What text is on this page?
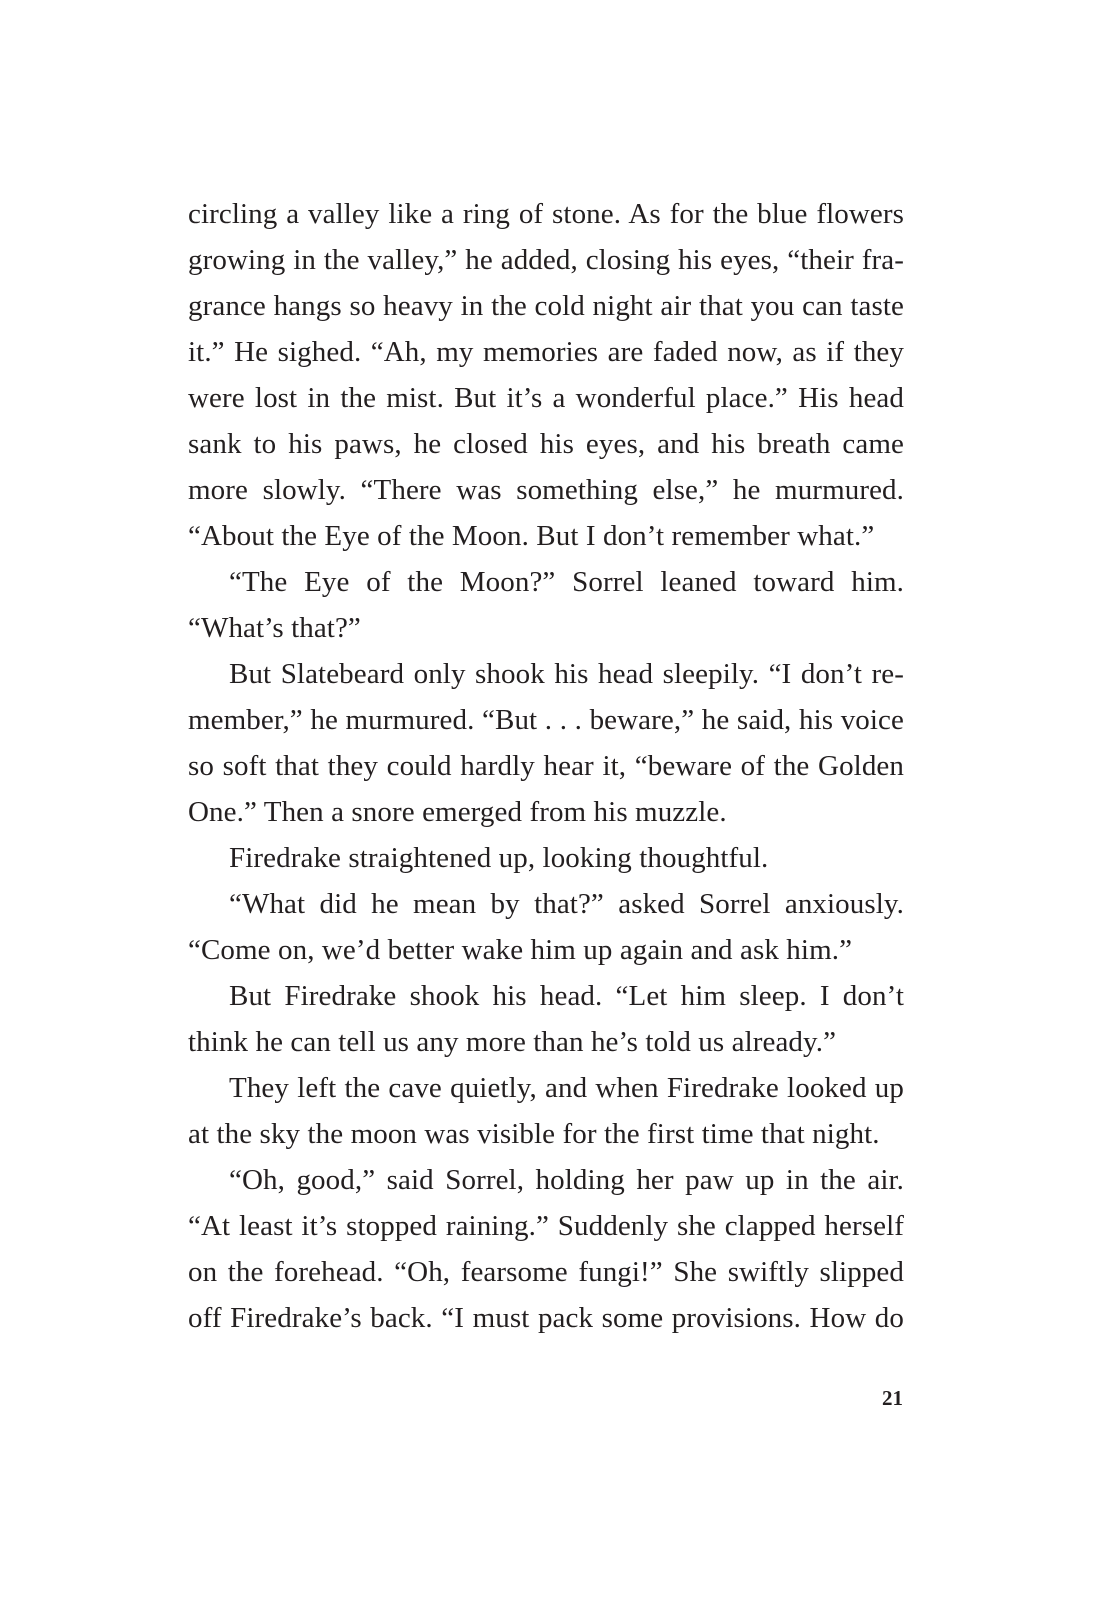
circling a valley like a ring of stone. As for the blue flowers
growing in the valley,” he added, closing his eyes, “their fra-
grance hangs so heavy in the cold night air that you can taste
it.” He sighed. “Ah, my memories are faded now, as if they
were lost in the mist. But it’s a wonderful place.” His head
sank to his paws, he closed his eyes, and his breath came
more slowly. “There was something else,” he murmured.
“About the Eye of the Moon. But I don’t remember what.”
“The Eye of the Moon?” Sorrel leaned toward him.
“What’s that?”
But Slatebeard only shook his head sleepily. “I don’t re-
member,” he murmured. “But . . . beware,” he said, his voice
so soft that they could hardly hear it, “beware of the Golden
One.” Then a snore emerged from his muzzle.
Firedrake straightened up, looking thoughtful.
“What did he mean by that?” asked Sorrel anxiously.
“Come on, we’d better wake him up again and ask him.”
But Firedrake shook his head. “Let him sleep. I don’t
think he can tell us any more than he’s told us already.”
They left the cave quietly, and when Firedrake looked up
at the sky the moon was visible for the first time that night.
“Oh, good,” said Sorrel, holding her paw up in the air.
“At least it’s stopped raining.” Suddenly she clapped herself
on the forehead. “Oh, fearsome fungi!” She swiftly slipped
off Firedrake’s back. “I must pack some provisions. How do
21
